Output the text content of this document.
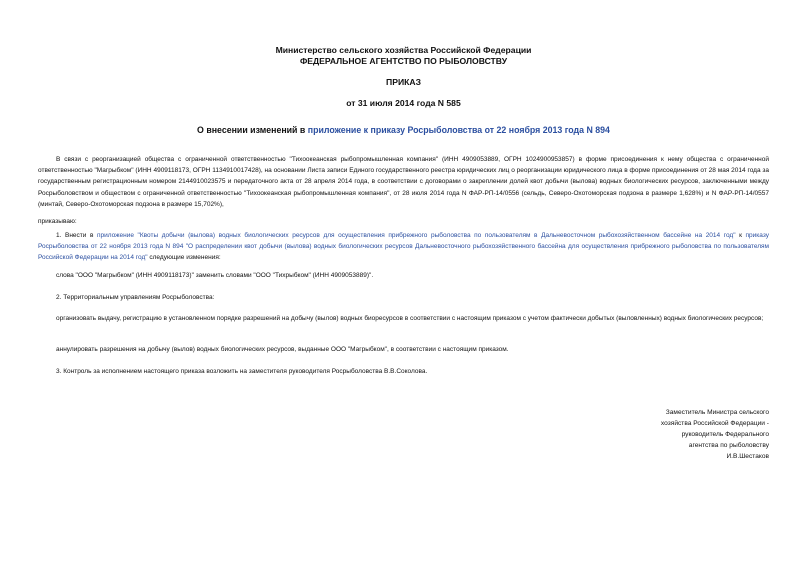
Министерство сельского хозяйства Российской Федерации
ФЕДЕРАЛЬНОЕ АГЕНТСТВО ПО РЫБОЛОВСТВУ
ПРИКАЗ
от 31 июля 2014 года N 585
О внесении изменений в приложение к приказу Росрыболовства от 22 ноября 2013 года N 894
В связи с реорганизацией общества с ограниченной ответственностью "Тихоокеанская рыбопромышленная компания" (ИНН 4909053889, ОГРН 1024900953857) в форме присоединения к нему общества с ограниченной ответственностью "Магрыбком" (ИНН 4909118173, ОГРН 1134910017428), на основании Листа записи Единого государственного реестра юридических лиц о реорганизации юридического лица в форме присоединения от 28 мая 2014 года за государственным регистрационным номером 2144910023575 и передаточного акта от 28 апреля 2014 года, в соответствии с договорами о закреплении долей квот добычи (вылова) водных биологических ресурсов, заключенными между Росрыболовством и обществом с ограниченной ответственностью "Тихоокеанская рыбопромышленная компания", от 28 июля 2014 года N ФАР-РП-14/0556 (сельдь, Северо-Охотоморская подзона в размере 1,628%) и N ФАР-РП-14/0557 (минтай, Северо-Охотоморская подзона в размере 15,702%),
приказываю:
1. Внести в приложение "Квоты добычи (вылова) водных биологических ресурсов для осуществления прибрежного рыболовства по пользователям в Дальневосточном рыбохозяйственном бассейне на 2014 год" к приказу Росрыболовства от 22 ноября 2013 года N 894 "О распределении квот добычи (вылова) водных биологических ресурсов Дальневосточного рыбохозяйственного бассейна для осуществления прибрежного рыболовства по пользователям Российской Федерации на 2014 год" следующие изменения:
слова "ООО "Магрыбком" (ИНН 4909118173)" заменить словами "ООО "Тихрыбком" (ИНН 4909053889)".
2. Территориальным управлениям Росрыболовства:
организовать выдачу, регистрацию в установленном порядке разрешений на добычу (вылов) водных биоресурсов в соответствии с настоящим приказом с учетом фактически добытых (выловленных) водных биологических ресурсов;
аннулировать разрешения на добычу (вылов) водных биологических ресурсов, выданные ООО "Магрыбком", в соответствии с настоящим приказом.
3. Контроль за исполнением настоящего приказа возложить на заместителя руководителя Росрыболовства В.В.Соколова.
Заместитель Министра сельского
хозяйства Российской Федерации -
руководитель Федерального
агентства по рыболовству
И.В.Шестаков
